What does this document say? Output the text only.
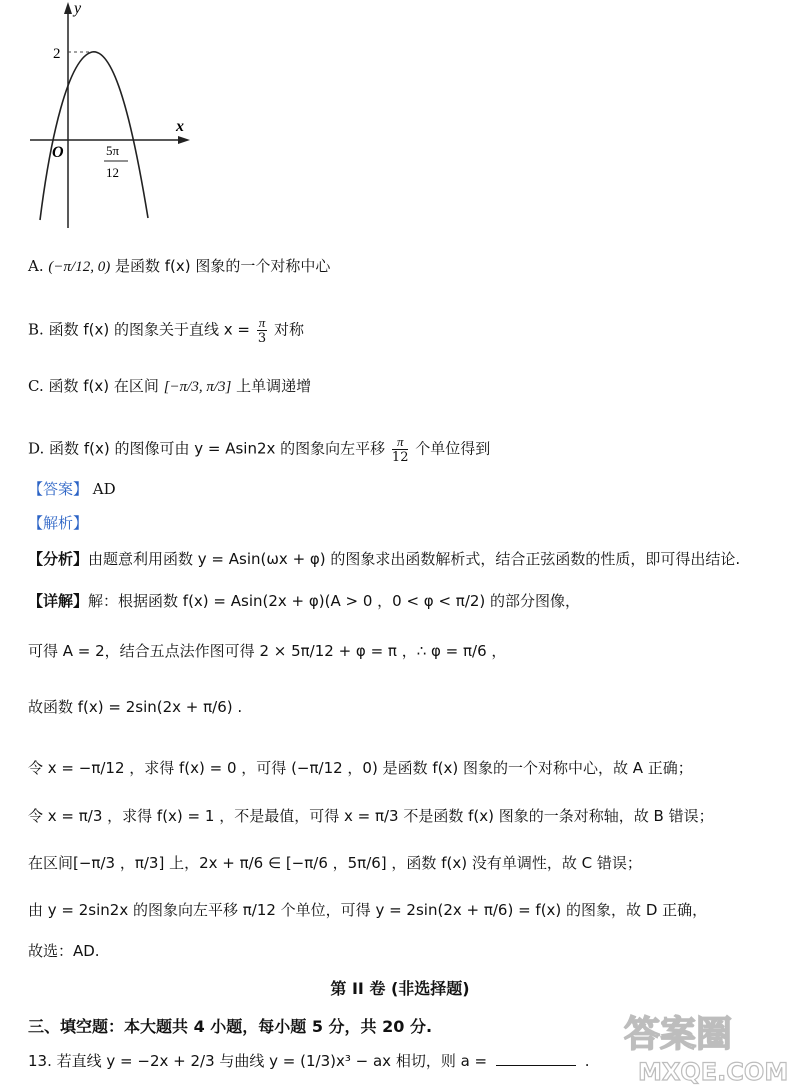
y
x
O
2
5π
12
A. (−π/12, 0) 是函数 f(x) 图象的一个对称中心
B. 函数 f(x) 的图象关于直线 $x = \frac{\pi}{3}$ 对称
C. 函数 f(x) 在区间 [−π/3, π/3] 上单调递增
D. 函数 f(x) 的图像可由 y = Asin2x 的图象向左平移 $\frac{\pi}{12}$ 个单位得到
【答案】 AD
【解析】
【分析】由题意利用函数 y = Asin(ωx + φ) 的图象求出函数解析式，结合正弦函数的性质，即可得出结论.
【详解】解：根据函数 f(x) = Asin(2x + φ)(A > 0 ，0 < φ < π/2) 的部分图像，
可得 A = 2，结合五点法作图可得 2 × 5π/12 + φ = π ，∴ φ = π/6 ，
故函数 f(x) = 2sin(2x + π/6) .
令 x = −π/12 ，求得 f(x) = 0 ，可得 (−π/12 ，0) 是函数 f(x) 图象的一个对称中心，故 A 正确；
令 x = π/3 ，求得 f(x) = 1 ，不是最值，可得 x = π/3 不是函数 f(x) 图象的一条对称轴，故 B 错误；
在区间[−π/3 ，π/3] 上，2x + π/6 ∈ [−π/6 ，5π/6] ，函数 f(x) 没有单调性，故 C 错误；
由 y = 2sin2x 的图象向左平移 π/12 个单位，可得 y = 2sin(2x + π/6) = f(x) 的图象，故 D 正确，
故选：AD.
第 II 卷 (非选择题)
三、填空题：本大题共 4 小题，每小题 5 分，共 20 分.
13. 若直线 y = −2x + 2/3 与曲线 y = (1/3)x³ − ax 相切，则 a =	.
答案圈
MXQE.COM
